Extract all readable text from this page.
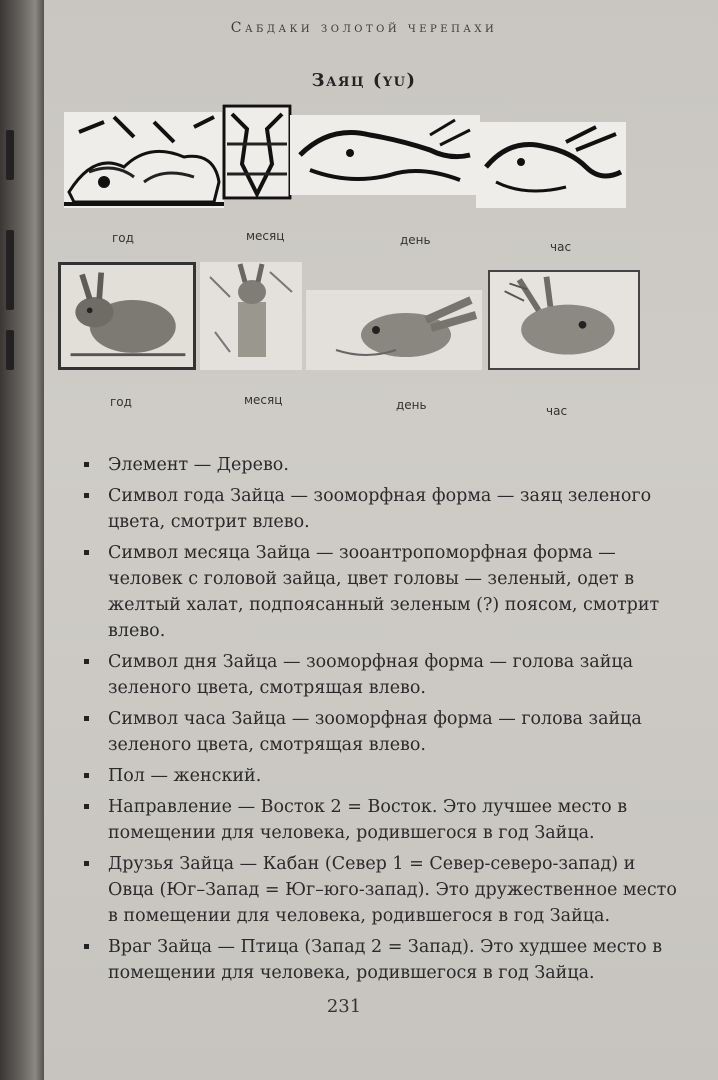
Сабдаки золотой черепахи
Заяц (yu)
год	месяц	день	час
год	месяц	день	час
Элемент — Дерево.
Символ года Зайца — зооморфная форма — заяц зеленого цвета, смотрит влево.
Символ месяца Зайца — зооантропоморфная форма — человек с головой зайца, цвет головы — зеленый, одет в желтый халат, подпоясанный зеленым (?) поясом, смотрит влево.
Символ дня Зайца — зооморфная форма — голова зайца зеленого цвета, смотрящая влево.
Символ часа Зайца — зооморфная форма — голова зайца зеленого цвета, смотрящая влево.
Пол — женский.
Направление — Восток 2 = Восток. Это лучшее место в помещении для человека, родившегося в год Зайца.
Друзья Зайца — Кабан (Север 1 = Север-северо-запад) и Овца (Юг–Запад = Юг–юго-запад). Это дружественное место в помещении для человека, родившегося в год Зайца.
Враг Зайца — Птица (Запад 2 = Запад). Это худшее место в помещении для человека, родившегося в год Зайца.
231
